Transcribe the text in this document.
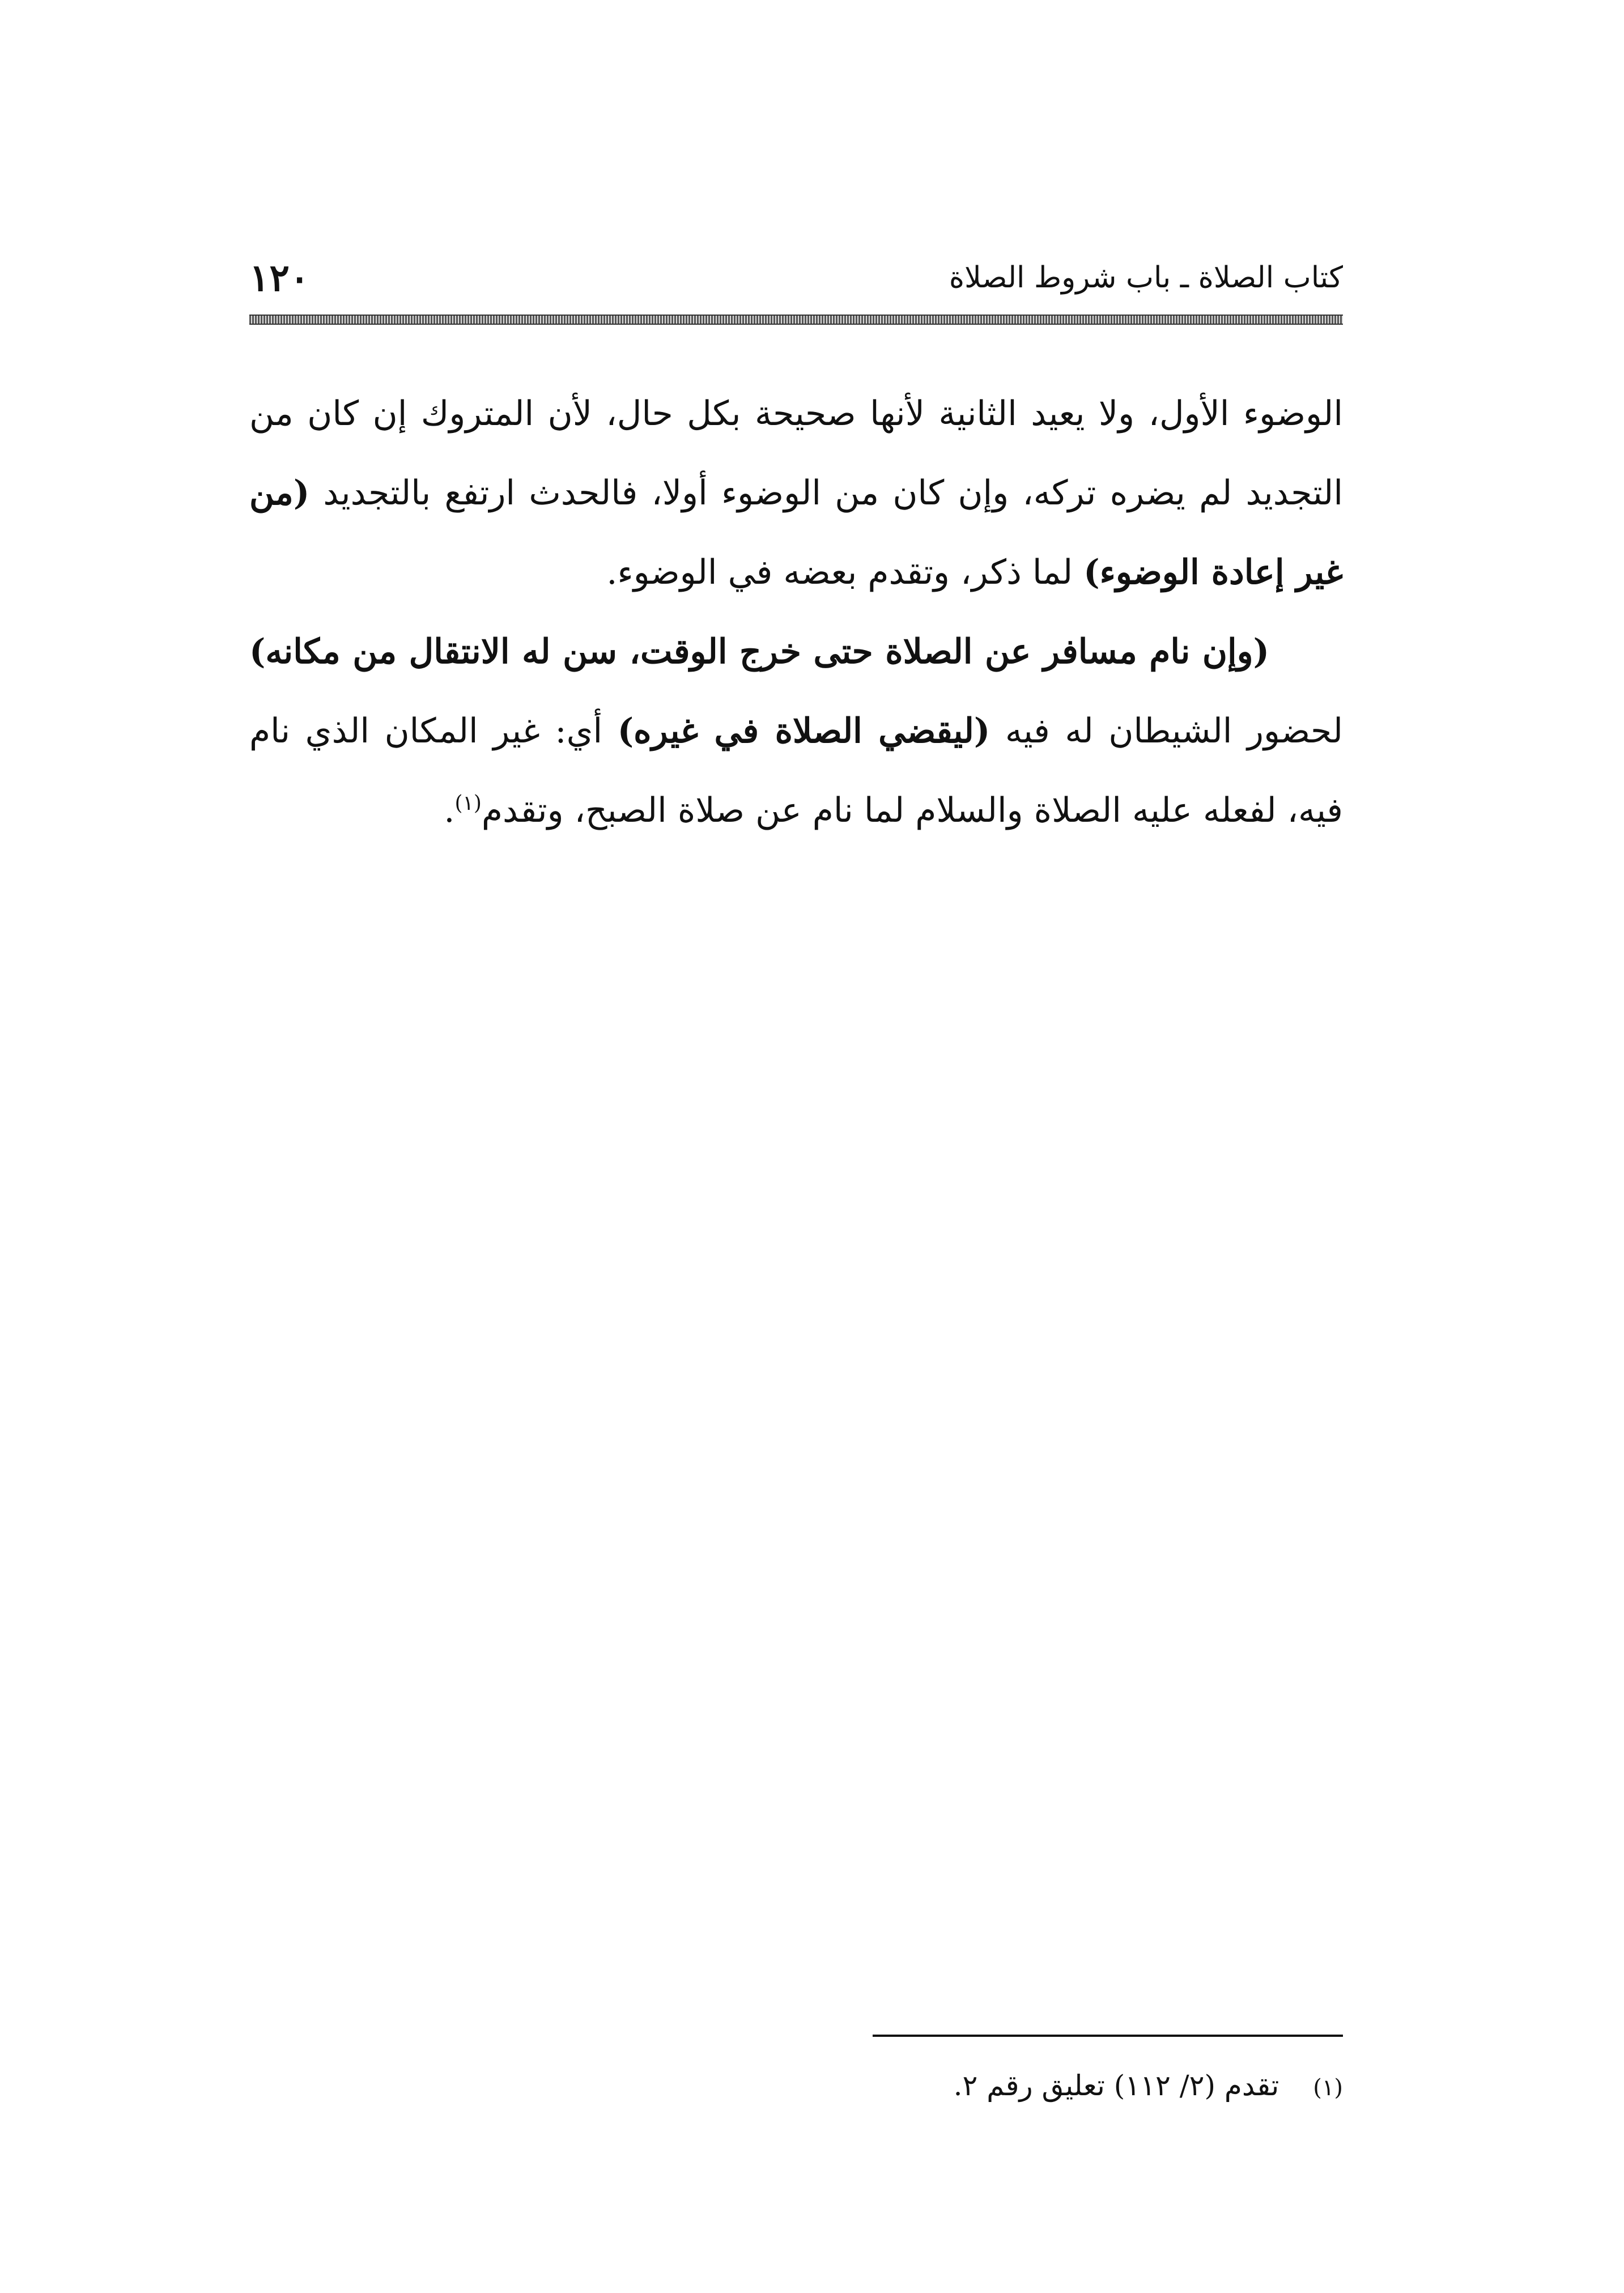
١٢٠	كتاب الصلاة ـ باب شروط الصلاة

الوضوء الأول، ولا يعيد الثانية لأنها صحيحة بكل حال، لأن المتروك إن كان من التجديد لم يضره تركه، وإن كان من الوضوء أولا، فالحدث ارتفع بالتجديد (من غير إعادة الوضوء) لما ذكر، وتقدم بعضه في الوضوء.

(وإن نام مسافر عن الصلاة حتى خرج الوقت، سن له الانتقال من مكانه) لحضور الشيطان له فيه (ليقضي الصلاة في غيره) أي: غير المكان الذي نام فيه، لفعله عليه الصلاة والسلام لما نام عن صلاة الصبح، وتقدم$^{(١)}$.

(١)تقدم (٢/ ١١٢) تعليق رقم ٢.
